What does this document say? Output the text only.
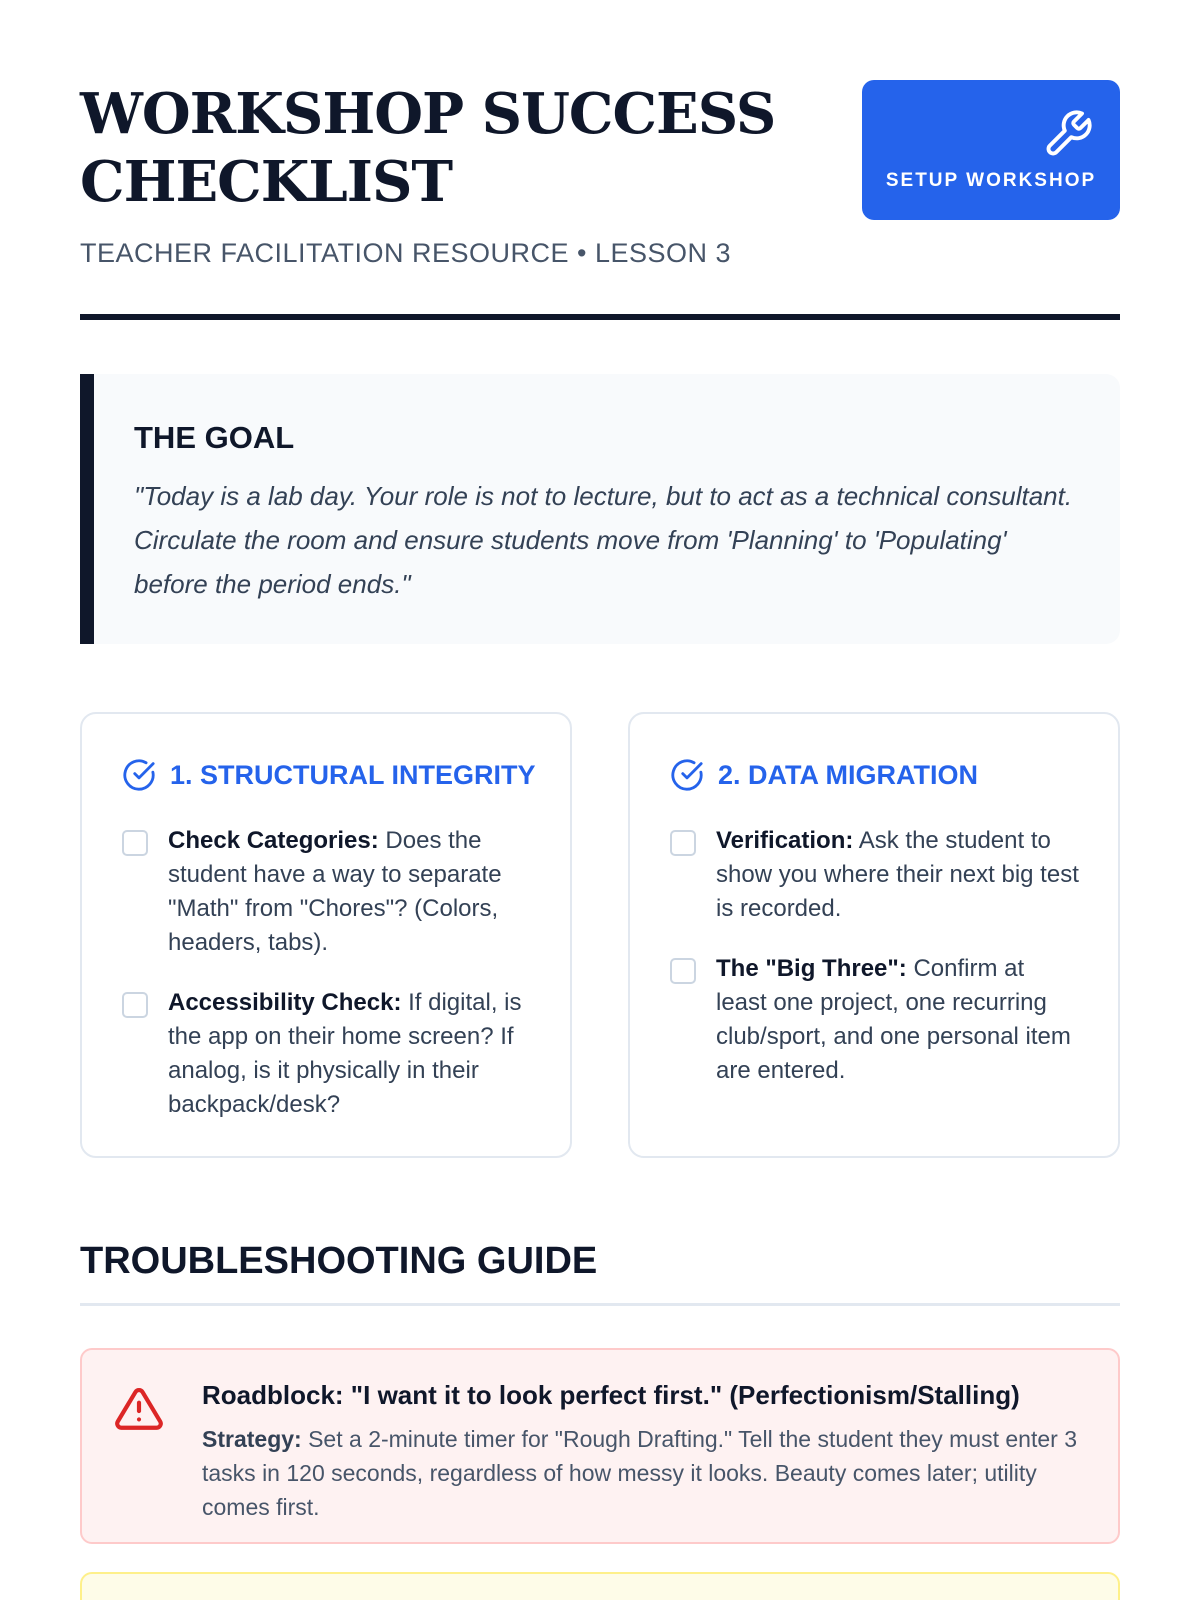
WORKSHOP SUCCESS CHECKLIST
TEACHER FACILITATION RESOURCE • LESSON 3
SETUP WORKSHOP
THE GOAL

"Today is a lab day. Your role is not to lecture, but to act as a technical consultant. Circulate the room and ensure students move from 'Planning' to 'Populating' before the period ends."

1. STRUCTURAL INTEGRITY
Check Categories: Does the student have a way to separate "Math" from "Chores"? (Colors, headers, tabs).
Accessibility Check: If digital, is the app on their home screen? If analog, is it physically in their backpack/desk?
2. DATA MIGRATION
Verification: Ask the student to show you where their next big test is recorded.
The "Big Three": Confirm at least one project, one recurring club/sport, and one personal item are entered.
TROUBLESHOOTING GUIDE
Roadblock: "I want it to look perfect first." (Perfectionism/Stalling)

Strategy: Set a 2-minute timer for "Rough Drafting." Tell the student they must enter 3 tasks in 120 seconds, regardless of how messy it looks. Beauty comes later; utility comes first.
